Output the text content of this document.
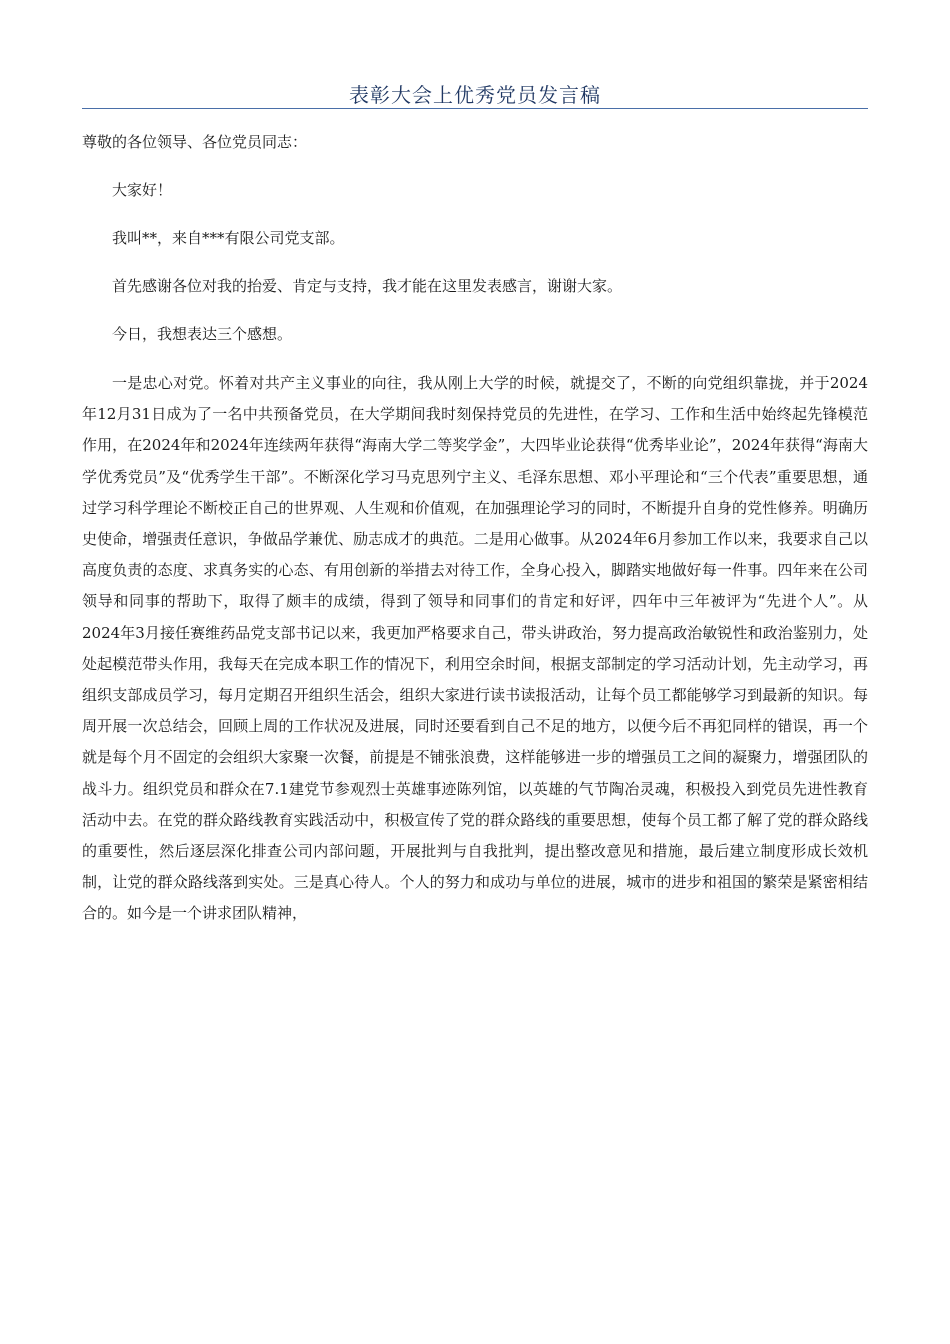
表彰大会上优秀党员发言稿

尊敬的各位领导、各位党员同志：

大家好！

我叫**，来自***有限公司党支部。

首先感谢各位对我的抬爱、肯定与支持，我才能在这里发表感言，谢谢大家。

今日，我想表达三个感想。

一是忠心对党。怀着对共产主义事业的向往，我从刚上大学的时候，就提交了，不断的向党组织靠拢，并于2024年12月31日成为了一名中共预备党员，在大学期间我时刻保持党员的先进性，在学习、工作和生活中始终起先锋模范作用，在2024年和2024年连续两年获得“海南大学二等奖学金”，大四毕业论获得“优秀毕业论”，2024年获得“海南大学优秀党员”及“优秀学生干部”。不断深化学习马克思列宁主义、毛泽东思想、邓小平理论和“三个代表”重要思想，通过学习科学理论不断校正自己的世界观、人生观和价值观，在加强理论学习的同时，不断提升自身的党性修养。明确历史使命，增强责任意识，争做品学兼优、励志成才的典范。二是用心做事。从2024年6月参加工作以来，我要求自己以高度负责的态度、求真务实的心态、有用创新的举措去对待工作，全身心投入，脚踏实地做好每一件事。四年来在公司领导和同事的帮助下，取得了颇丰的成绩，得到了领导和同事们的肯定和好评，四年中三年被评为“先进个人”。从2024年3月接任赛维药品党支部书记以来，我更加严格要求自己，带头讲政治，努力提高政治敏锐性和政治鉴别力，处处起模范带头作用，我每天在完成本职工作的情况下，利用空余时间，根据支部制定的学习活动计划，先主动学习，再组织支部成员学习，每月定期召开组织生活会，组织大家进行读书读报活动，让每个员工都能够学习到最新的知识。每周开展一次总结会，回顾上周的工作状况及进展，同时还要看到自己不足的地方，以便今后不再犯同样的错误，再一个就是每个月不固定的会组织大家聚一次餐，前提是不铺张浪费，这样能够进一步的增强员工之间的凝聚力，增强团队的战斗力。组织党员和群众在7.1建党节参观烈士英雄事迹陈列馆，以英雄的气节陶冶灵魂，积极投入到党员先进性教育活动中去。在党的群众路线教育实践活动中，积极宣传了党的群众路线的重要思想，使每个员工都了解了党的群众路线的重要性，然后逐层深化排查公司内部问题，开展批判与自我批判，提出整改意见和措施，最后建立制度形成长效机制，让党的群众路线落到实处。三是真心待人。个人的努力和成功与单位的进展，城市的进步和祖国的繁荣是紧密相结合的。如今是一个讲求团队精神，
